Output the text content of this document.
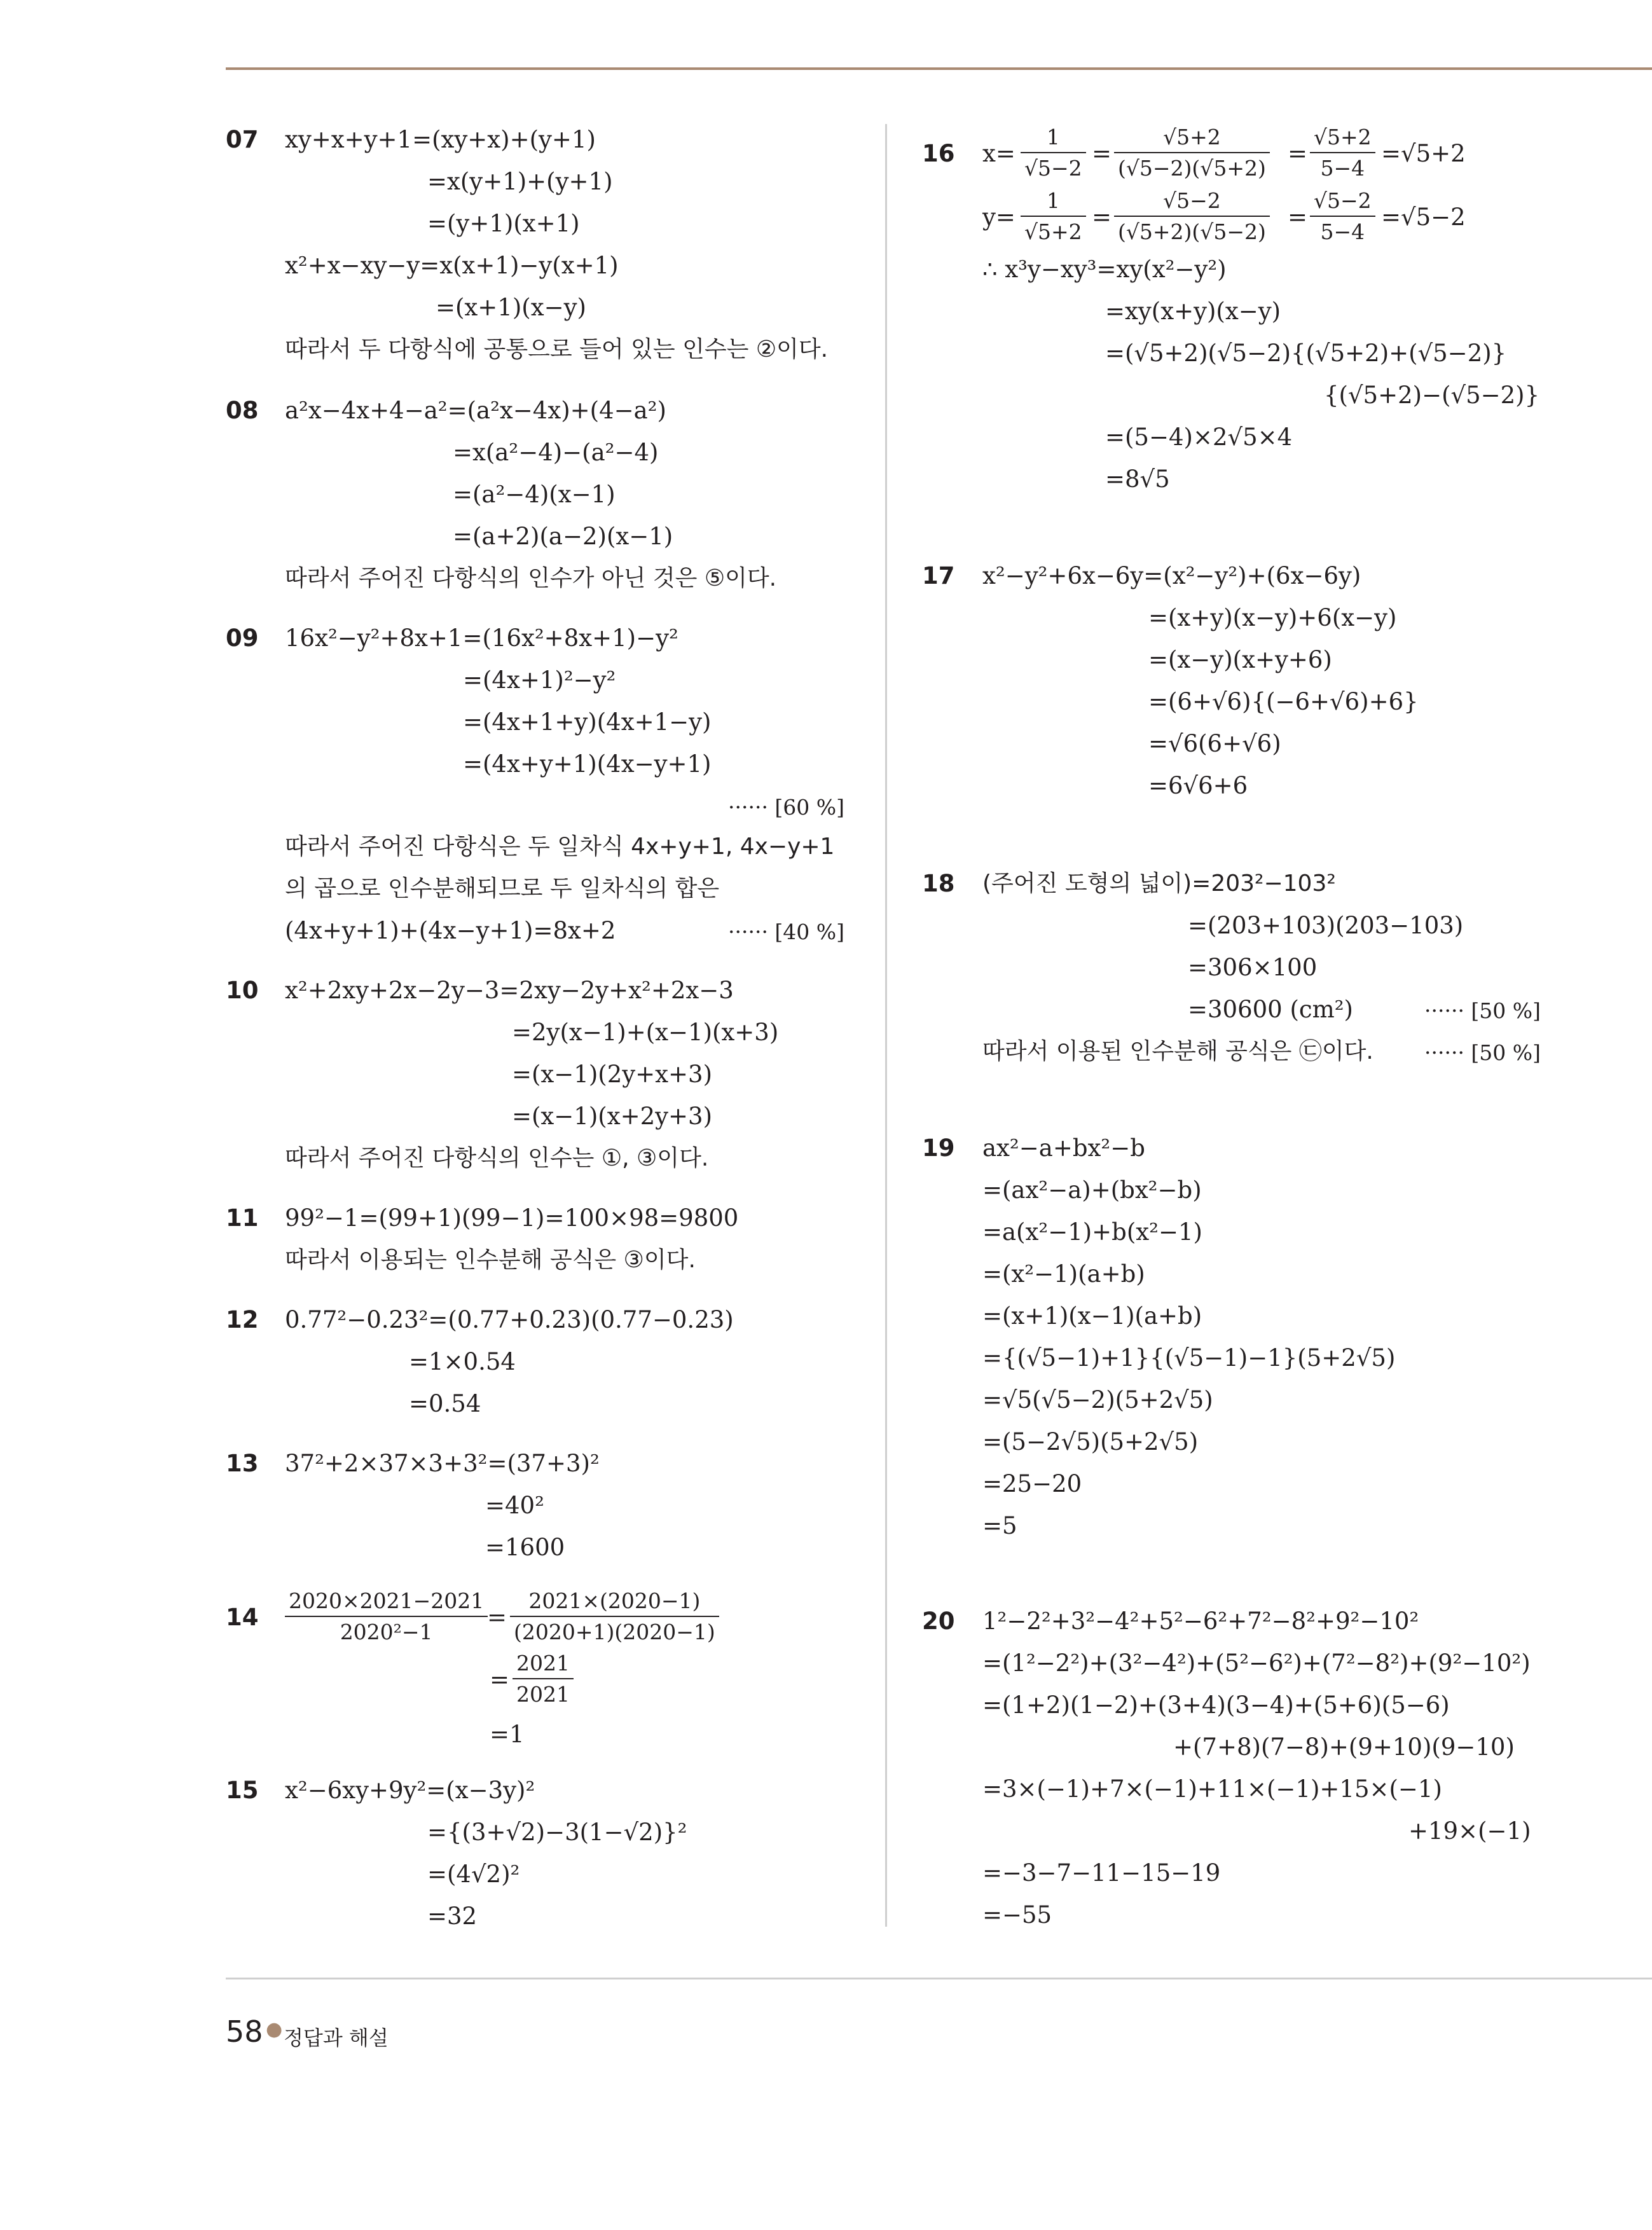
07 xy+x+y+1=(xy+x)+(y+1)
=x(y+1)+(y+1)
=(y+1)(x+1)
x²+x−xy−y=x(x+1)−y(x+1)
=(x+1)(x−y)
따라서 두 다항식에 공통으로 들어 있는 인수는 ②이다.
08 a²x−4x+4−a²=(a²x−4x)+(4−a²)
=x(a²−4)−(a²−4)
=(a²−4)(x−1)
=(a+2)(a−2)(x−1)
따라서 주어진 다항식의 인수가 아닌 것은 ⑤이다.
09 16x²−y²+8x+1=(16x²+8x+1)−y²
=(4x+1)²−y²
=(4x+1+y)(4x+1−y)
=(4x+y+1)(4x−y+1)
······ [60 %]
따라서 주어진 다항식은 두 일차식 4x+y+1, 4x−y+1
의 곱으로 인수분해되므로 두 일차식의 합은
(4x+y+1)+(4x−y+1)=8x+2	······ [40 %]
10 x²+2xy+2x−2y−3=2xy−2y+x²+2x−3
=2y(x−1)+(x−1)(x+3)
=(x−1)(2y+x+3)
=(x−1)(x+2y+3)
따라서 주어진 다항식의 인수는 ①, ③이다.
11 99²−1=(99+1)(99−1)=100×98=9800
따라서 이용되는 인수분해 공식은 ③이다.
12 0.77²−0.23²=(0.77+0.23)(0.77−0.23)
=1×0.54
=0.54
13 37²+2×37×3+3²=(37+3)²
=40²
=1600
$14 \frac{2020\times 2021-2021}{\text{2020²−1}}$
= $\frac{2021\times(2020-1)}{(2020+1)(2020-1)}$
= $\frac{2021}{2021}$
=1
15 x²−6xy+9y²=(x−3y)²
={(3+√2)−3(1−√2)}²
=(4√2)²
=32
16 $x= \frac{1}{√5-2} = \frac{√5+2}{(√5-2)(√5+2)} = \frac{√5+2}{5-4} =√5+2$
$y= \frac{1}{√5+2} = \frac{√5-2}{(√5+2)(√5-2)} = \frac{√5-2}{5-4} =√5-2$
∴ x³y−xy³=xy(x²−y²)
=xy(x+y)(x−y)
=(√5+2)(√5−2){(√5+2)+(√5−2)}
{(√5+2)−(√5−2)}
=(5−4)×2√5×4
=8√5
17 x²−y²+6x−6y=(x²−y²)+(6x−6y)
=(x+y)(x−y)+6(x−y)
=(x−y)(x+y+6)
=(6+√6){(−6+√6)+6}
=√6(6+√6)
=6√6+6
18 (주어진 도형의 넓이)=203²−103²
=(203+103)(203−103)
=306×100
=30600 (cm²)	······ [50 %]
따라서 이용된 인수분해 공식은 ㉢이다. ······ [50 %]
19 ax²−a+bx²−b
=(ax²−a)+(bx²−b)
=a(x²−1)+b(x²−1)
=(x²−1)(a+b)
=(x+1)(x−1)(a+b)
={(√5−1)+1}{(√5−1)−1}(5+2√5)
=√5(√5−2)(5+2√5)
=(5−2√5)(5+2√5)
=25−20
=5
20 1²−2²+3²−4²+5²−6²+7²−8²+9²−10²
=(1²−2²)+(3²−4²)+(5²−6²)+(7²−8²)+(9²−10²)
=(1+2)(1−2)+(3+4)(3−4)+(5+6)(5−6)
+(7+8)(7−8)+(9+10)(9−10)
=3×(−1)+7×(−1)+11×(−1)+15×(−1)
+19×(−1)
=−3−7−11−15−19
=−55
58 ● 정답과 해설
